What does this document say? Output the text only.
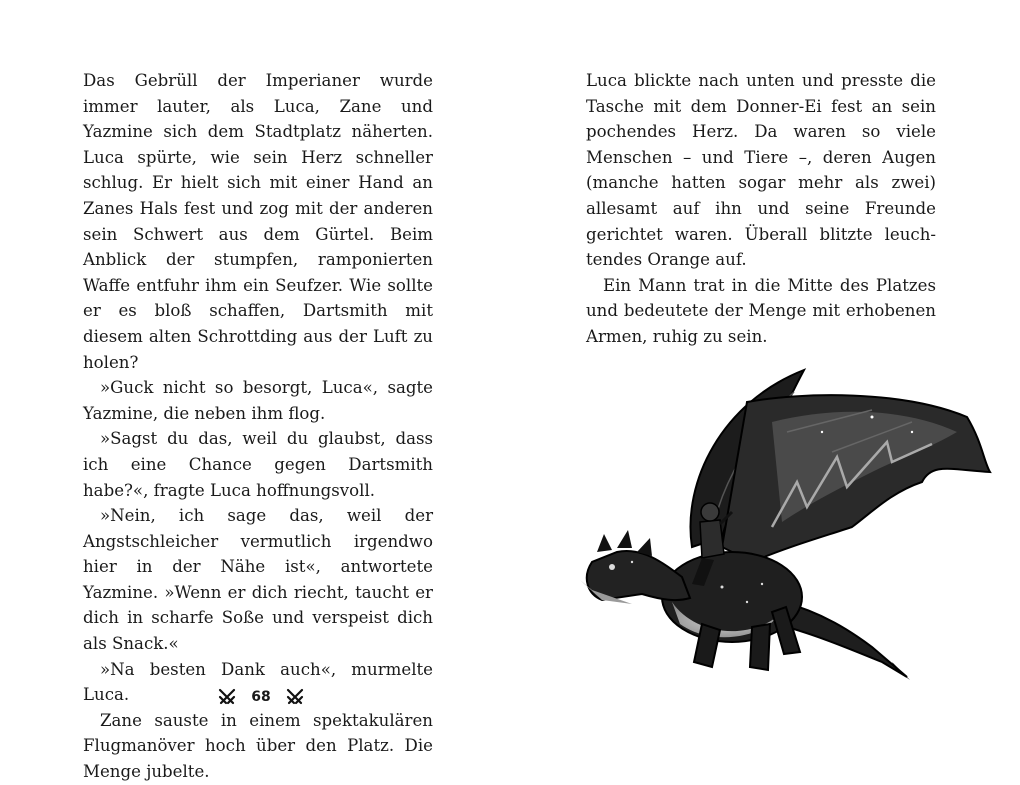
Das Gebrüll der Imperianer wurde immer lauter, als Luca, Zane und Yazmine sich dem Stadtplatz näherten. Luca spürte, wie sein Herz schneller schlug. Er hielt sich mit einer Hand an Zanes Hals fest und zog mit der anderen sein Schwert aus dem Gürtel. Beim Anblick der stumpfen, ramponierten Waffe entfuhr ihm ein Seufzer. Wie sollte er es bloß schaffen, Dartsmith mit diesem alten Schrottding aus der Luft zu holen?

»Guck nicht so besorgt, Luca«, sagte Yazmine, die neben ihm flog.

»Sagst du das, weil du glaubst, dass ich eine Chance gegen Dartsmith habe?«, fragte Luca hoffnungsvoll.

»Nein, ich sage das, weil der Angstschleicher vermutlich irgendwo hier in der Nähe ist«, antwortete Yazmine. »Wenn er dich riecht, taucht er dich in scharfe Soße und verspeist dich als Snack.«

»Na besten Dank auch«, murmelte Luca.

Zane sauste in einem spektakulären Flugmanöver hoch über den Platz. Die Menge jubelte.

68

Luca blickte nach unten und presste die Tasche mit dem Donner-Ei fest an sein pochendes Herz. Da waren so viele Menschen – und Tiere –, deren Augen (manche hatten sogar mehr als zwei) allesamt auf ihn und seine Freunde gerichtet waren. Überall blitzte leuchtendes Orange auf.

Ein Mann trat in die Mitte des Platzes und bedeutete der Menge mit erhobenen Armen, ruhig zu sein.
